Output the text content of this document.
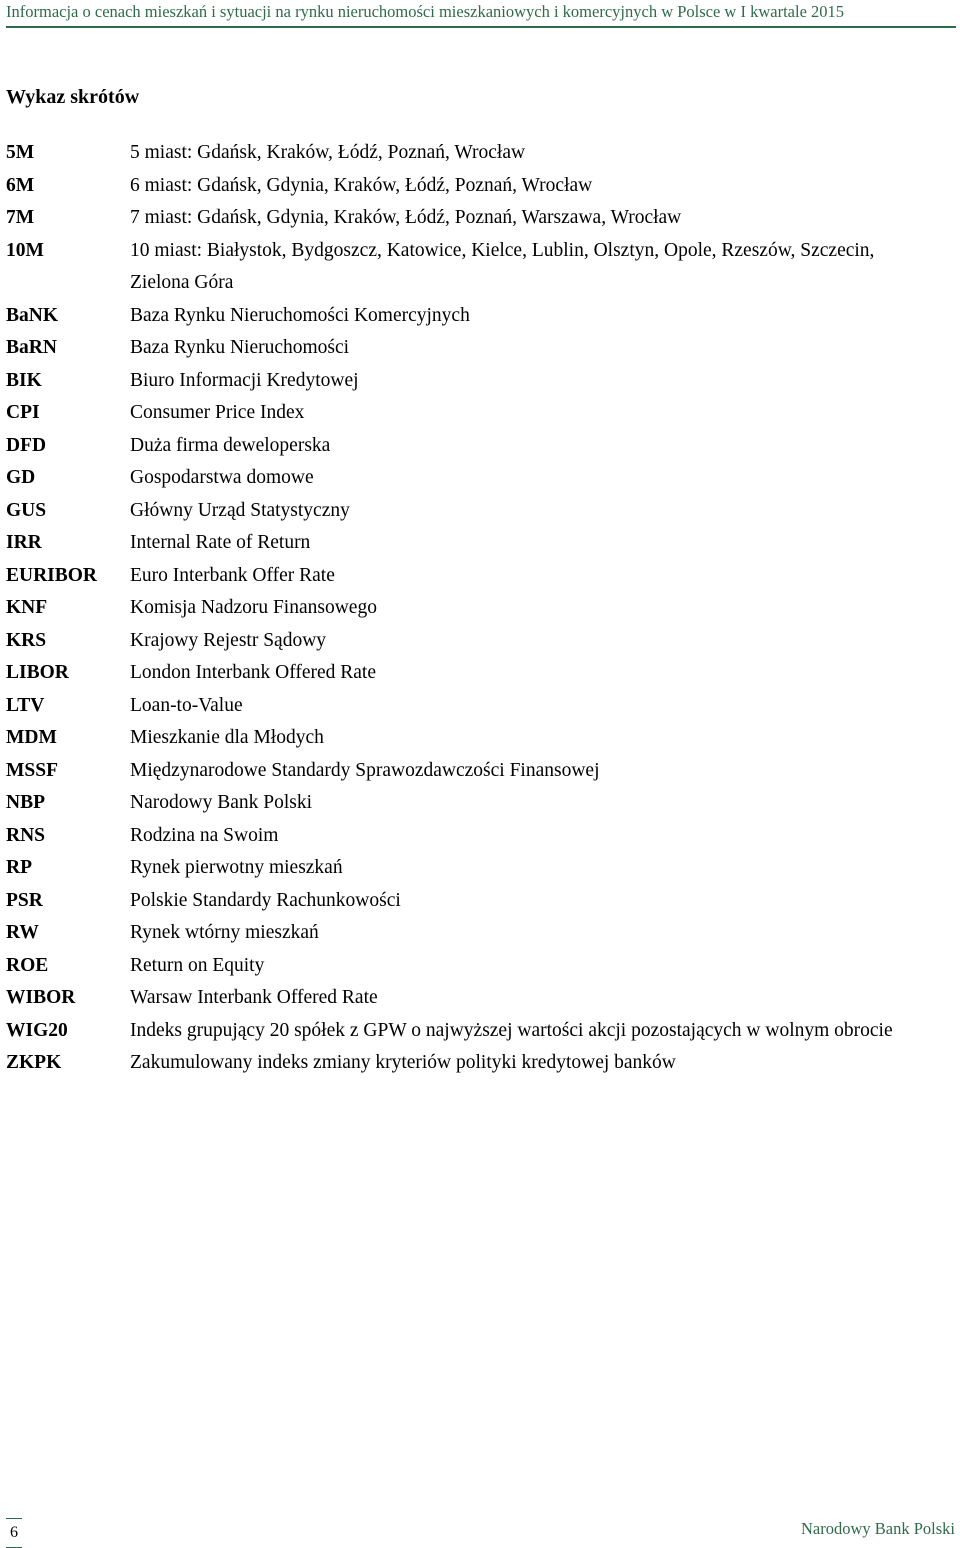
Informacja o cenach mieszkań i sytuacji na rynku nieruchomości mieszkaniowych i komercyjnych w Polsce w I kwartale 2015
Wykaz skrótów
5M	5 miast: Gdańsk, Kraków, Łódź, Poznań, Wrocław
6M	6 miast: Gdańsk, Gdynia, Kraków, Łódź, Poznań, Wrocław
7M	7 miast: Gdańsk, Gdynia, Kraków, Łódź, Poznań, Warszawa, Wrocław
10M	10 miast: Białystok, Bydgoszcz, Katowice, Kielce, Lublin, Olsztyn, Opole, Rzeszów, Szczecin, Zielona Góra
BaNK	Baza Rynku Nieruchomości Komercyjnych
BaRN	Baza Rynku Nieruchomości
BIK	Biuro Informacji Kredytowej
CPI	Consumer Price Index
DFD	Duża firma deweloperska
GD	Gospodarstwa domowe
GUS	Główny Urząd Statystyczny
IRR	Internal Rate of Return
EURIBOR	Euro Interbank Offer Rate
KNF	Komisja Nadzoru Finansowego
KRS	Krajowy Rejestr Sądowy
LIBOR	London Interbank Offered Rate
LTV	Loan-to-Value
MDM	Mieszkanie dla Młodych
MSSF	Międzynarodowe Standardy Sprawozdawczości Finansowej
NBP	Narodowy Bank Polski
RNS	Rodzina na Swoim
RP	Rynek pierwotny mieszkań
PSR	Polskie Standardy Rachunkowości
RW	Rynek wtórny mieszkań
ROE	Return on Equity
WIBOR	Warsaw Interbank Offered Rate
WIG20	Indeks grupujący 20 spółek z GPW o najwyższej wartości akcji pozostających w wolnym obrocie
ZKPK	Zakumulowany indeks zmiany kryteriów polityki kredytowej banków
6	Narodowy Bank Polski
